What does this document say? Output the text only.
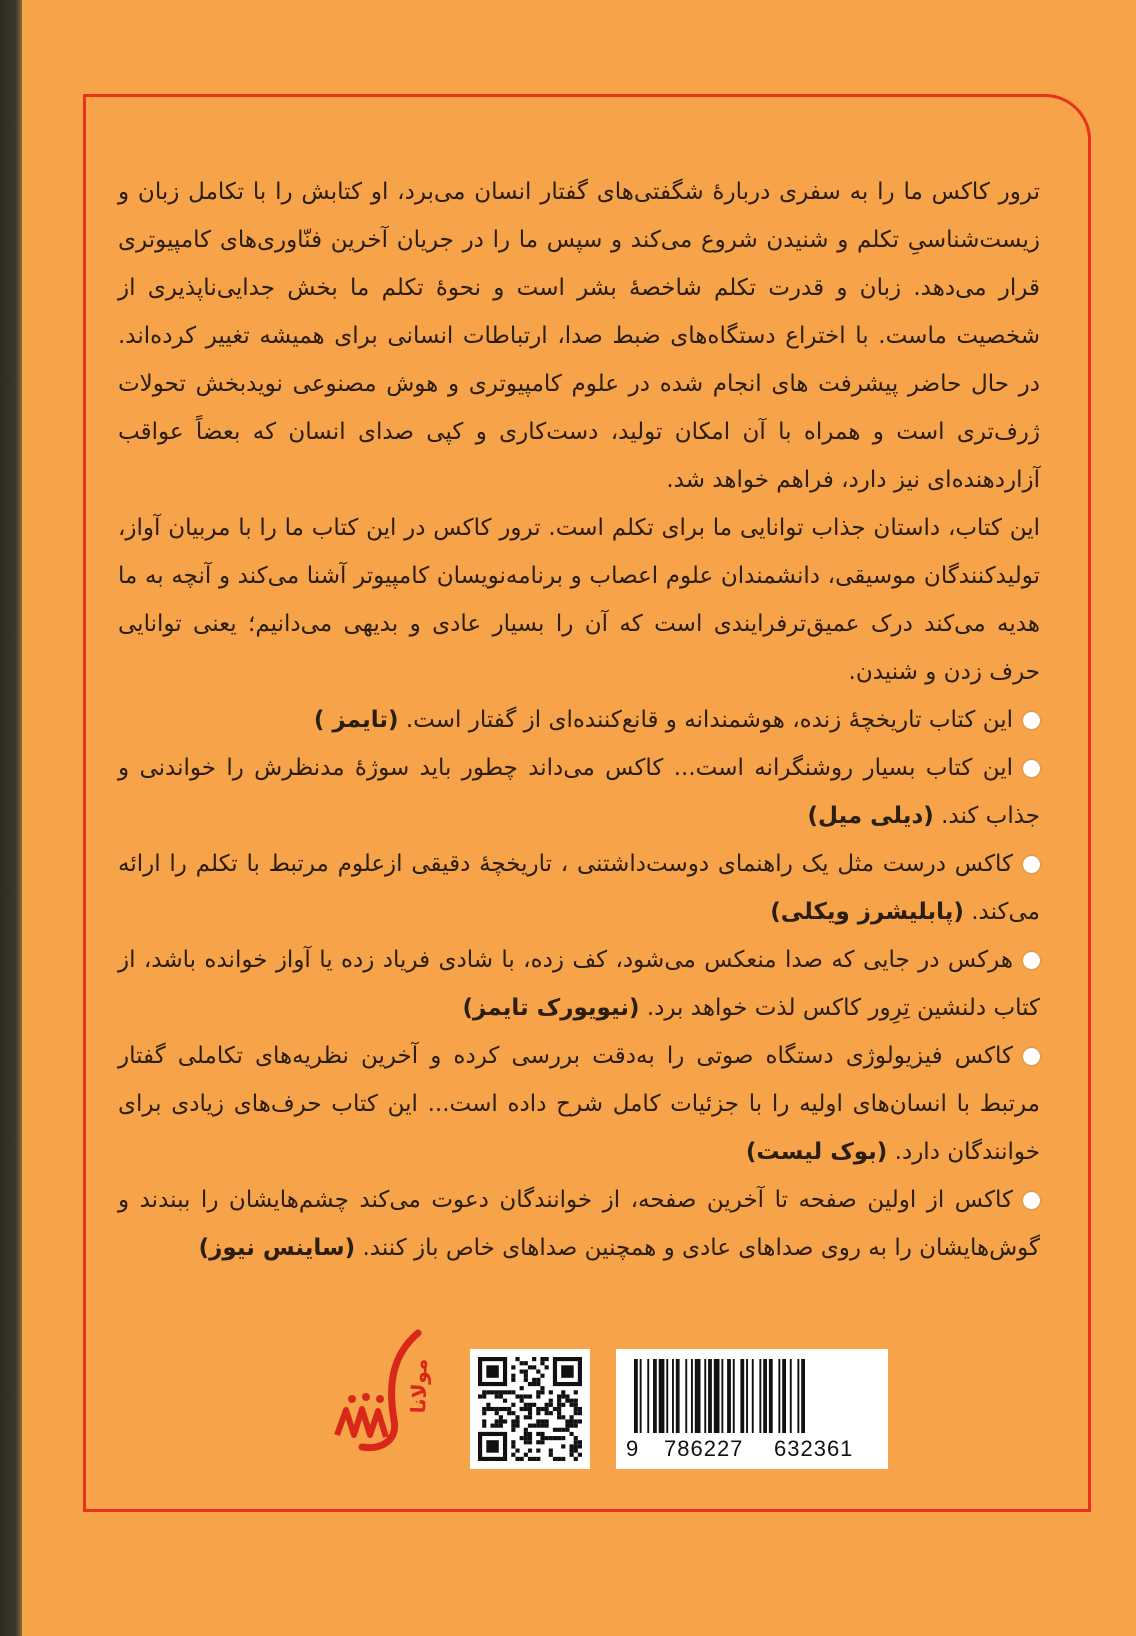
ترور کاکس ما را به سفری دربارهٔ شگفتی‌های گفتار انسان می‌برد، او کتابش را با تکامل زبان و زیست‌شناسیِ تکلم و شنیدن شروع می‌کند و سپس ما را در جریان آخرین فنّاوری‌های کامپیوتری قرار می‌دهد. زبان و قدرت تکلم شاخصهٔ بشر است و نحوهٔ تکلم ما بخش جدایی‌ناپذیری از شخصیت ماست. با اختراع دستگاه‌های ضبط صدا، ارتباطات انسانی برای همیشه تغییر کرده‌اند. در حال حاضر پیشرفت های انجام شده در علوم کامپیوتری و هوش مصنوعی نویدبخش تحولات ژرف‌تری است و همراه با آن امکان تولید، دست‌کاری و کپی صدای انسان که بعضاً عواقب آزاردهنده‌ای نیز دارد، فراهم خواهد شد.

این کتاب، داستان جذاب توانایی ما برای تکلم است. ترور کاکس در این کتاب ما را با مربیان آواز، تولیدکنندگان موسیقی، دانشمندان علوم اعصاب و برنامه‌نویسان کامپیوتر آشنا می‌کند و آنچه به ما هدیه می‌کند درک عمیق‌ترفرایندی است که آن را بسیار عادی و بدیهی می‌دانیم؛ یعنی توانایی حرف زدن و شنیدن.

این کتاب تاریخچهٔ زنده، هوشمندانه و قانع‌کننده‌ای از گفتار است. (تایمز )

این کتاب بسیار روشنگرانه است... کاکس می‌داند چطور باید سوژهٔ مدنظرش را خواندنی و جذاب کند. (دیلی میل)

کاکس درست مثل یک راهنمای دوست‌داشتنی ، تاریخچهٔ دقیقی ازعلوم مرتبط با تکلم را ارائه می‌کند. (پابلیشرز ویکلی)

هرکس در جایی که صدا منعکس می‌شود، کف زده، با شادی فریاد زده یا آواز خوانده باشد، از کتاب دلنشین تِرِور کاکس لذت خواهد برد. (نیویورک تایمز)

کاکس فیزیولوژی دستگاه صوتی را به‌دقت بررسی کرده و آخرین نظریه‌های تکاملی گفتار مرتبط با انسان‌های اولیه را با جزئیات کامل شرح داده است... این کتاب حرف‌های زیادی برای خوانندگان دارد. (بوک لیست)

کاکس از اولین صفحه تا آخرین صفحه، از خوانندگان دعوت می‌کند چشم‌هایشان را ببندند و گوش‌هایشان را به روی صداهای عادی و همچنین صداهای خاص باز کنند. (ساینس نیوز)

9 786227 632361
مولانا
